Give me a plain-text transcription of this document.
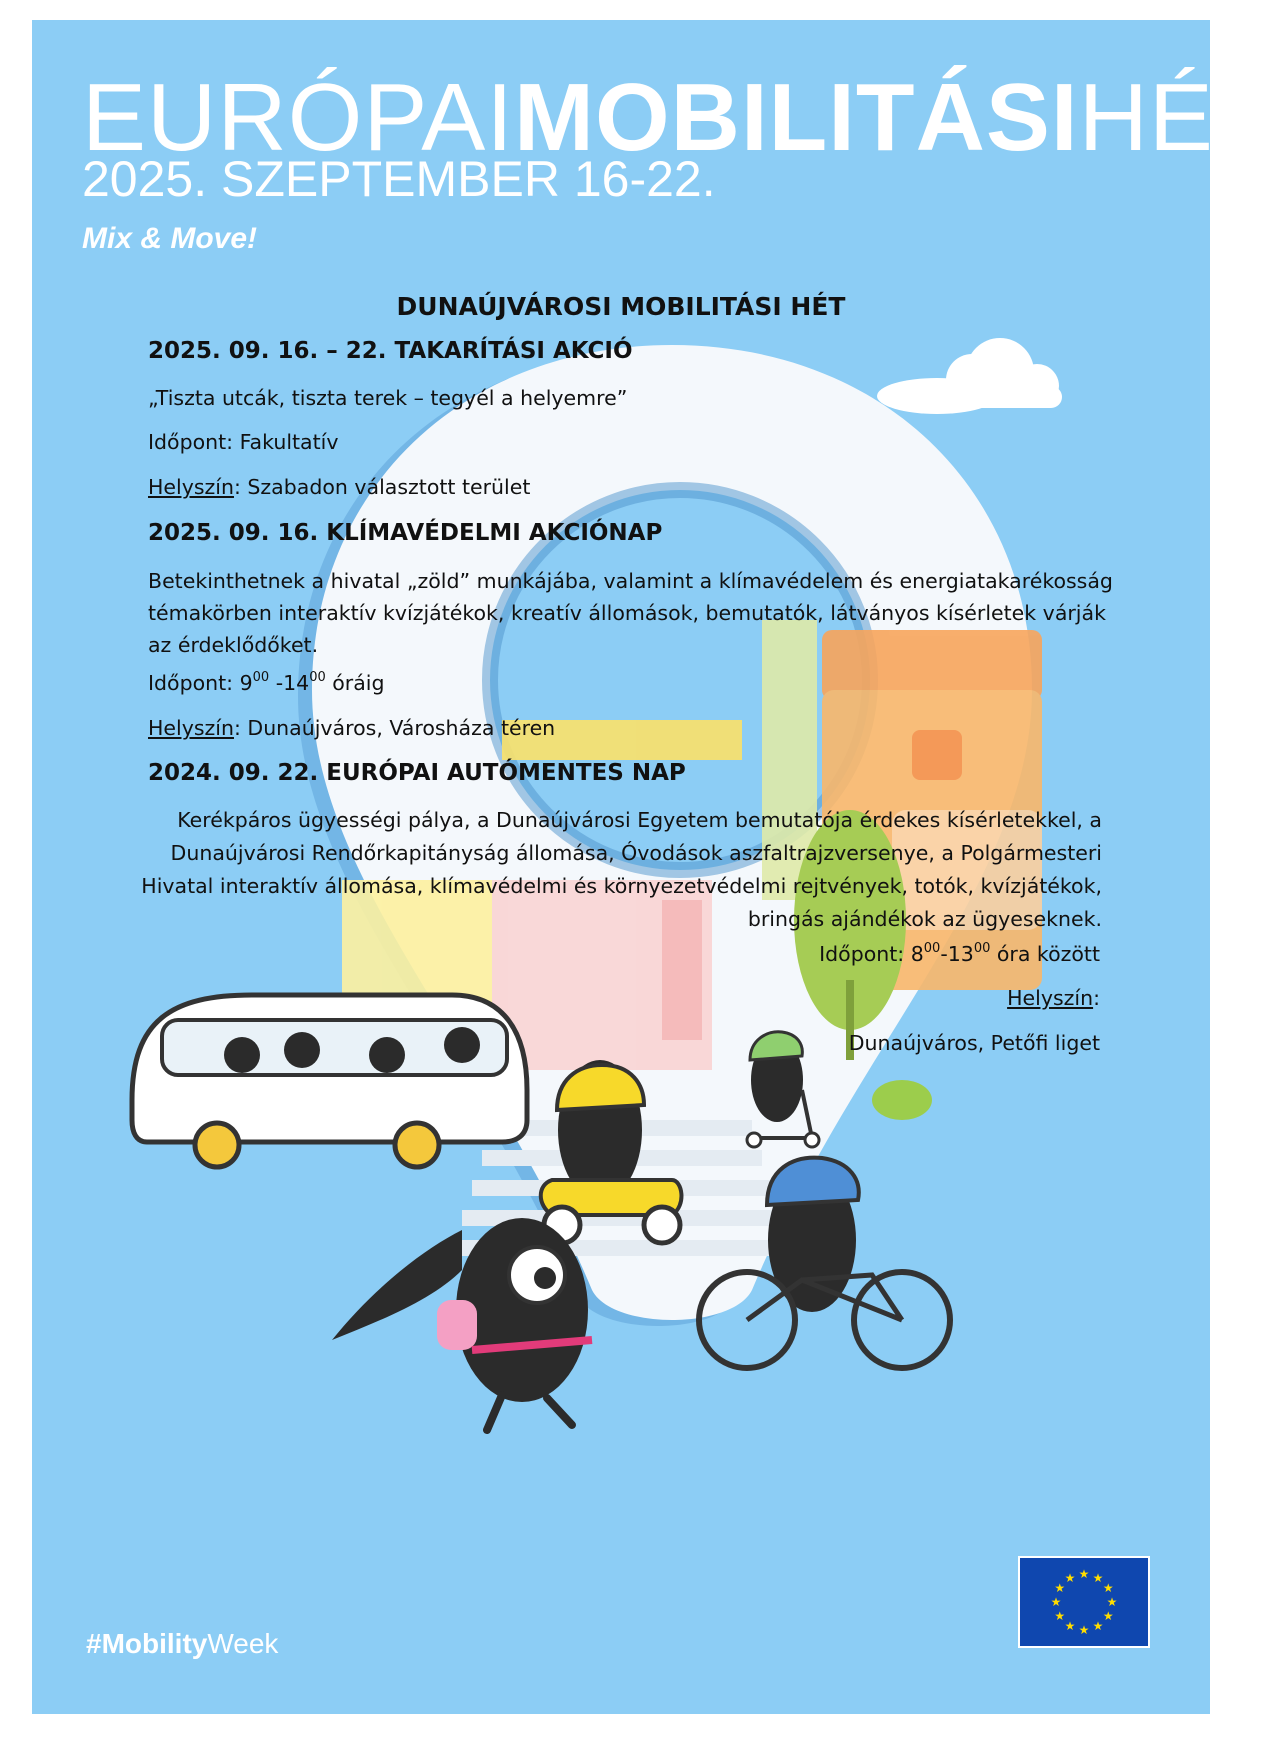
EURÓPAIMOBILITÁSIHÉT
2025. SZEPTEMBER 16-22.
Mix & Move!
DUNAÚJVÁROSI MOBILITÁSI HÉT
2025. 09. 16. – 22. TAKARÍTÁSI AKCIÓ
„Tiszta utcák, tiszta terek – tegyél a helyemre”
Időpont: Fakultatív
Helyszín: Szabadon választott terület
2025. 09. 16. KLÍMAVÉDELMI AKCIÓNAP
Betekinthetnek a hivatal „zöld” munkájába, valamint a klímavédelem és energiatakarékosság témakörben interaktív kvízjátékok, kreatív állomások, bemutatók, látványos kísérletek várják az érdeklődőket.
Időpont: $9^{00}$ $-14^{00}$ óráig
Helyszín: Dunaújváros, Városháza téren
2024. 09. 22. EURÓPAI AUTÓMENTES NAP
Kerékpáros ügyességi pálya, a Dunaújvárosi Egyetem bemutatója érdekes kísérletekkel, a Dunaújvárosi Rendőrkapitányság állomása, Óvodások aszfaltrajzversenye, a Polgármesteri Hivatal interaktív állomása, klímavédelmi és környezetvédelmi rejtvények, totók, kvízjátékok, bringás ajándékok az ügyeseknek.
Időpont: $8^{00}-13^{00}$ óra között
Helyszín:
Dunaújváros, Petőfi liget
#MobilityWeek
★ ★
★
★
★
★
★
★
★
★
★
★
